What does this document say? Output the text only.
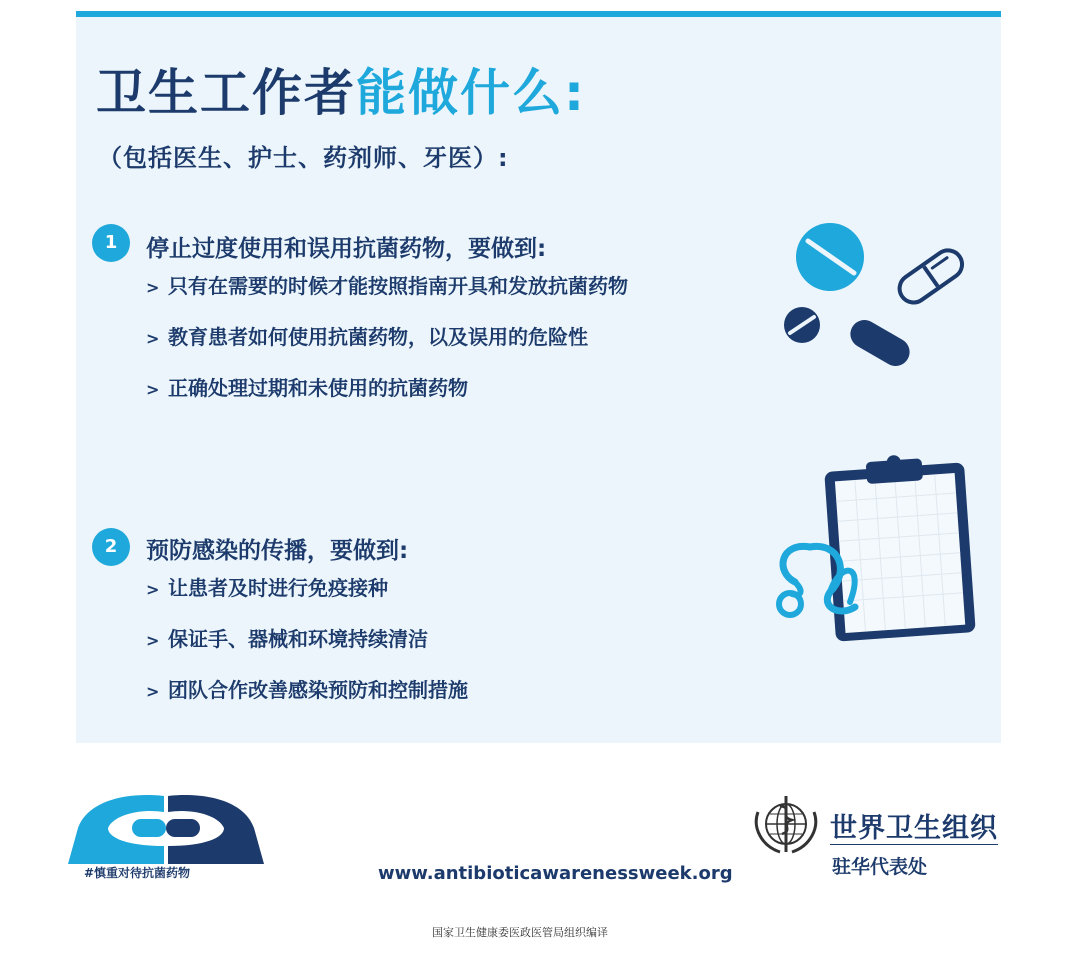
卫生工作者能做什么:
（包括医生、护士、药剂师、牙医）:
1	停止过度使用和误用抗菌药物，要做到:
> 只有在需要的时候才能按照指南开具和发放抗菌药物
> 教育患者如何使用抗菌药物，以及误用的危险性
> 正确处理过期和未使用的抗菌药物
2	预防感染的传播，要做到:
> 让患者及时进行免疫接种
> 保证手、器械和环境持续清洁
> 团队合作改善感染预防和控制措施
#慎重对待抗菌药物	www.antibioticawarenessweek.org
世界卫生组织
驻华代表处
国家卫生健康委医政医管局组织编译
